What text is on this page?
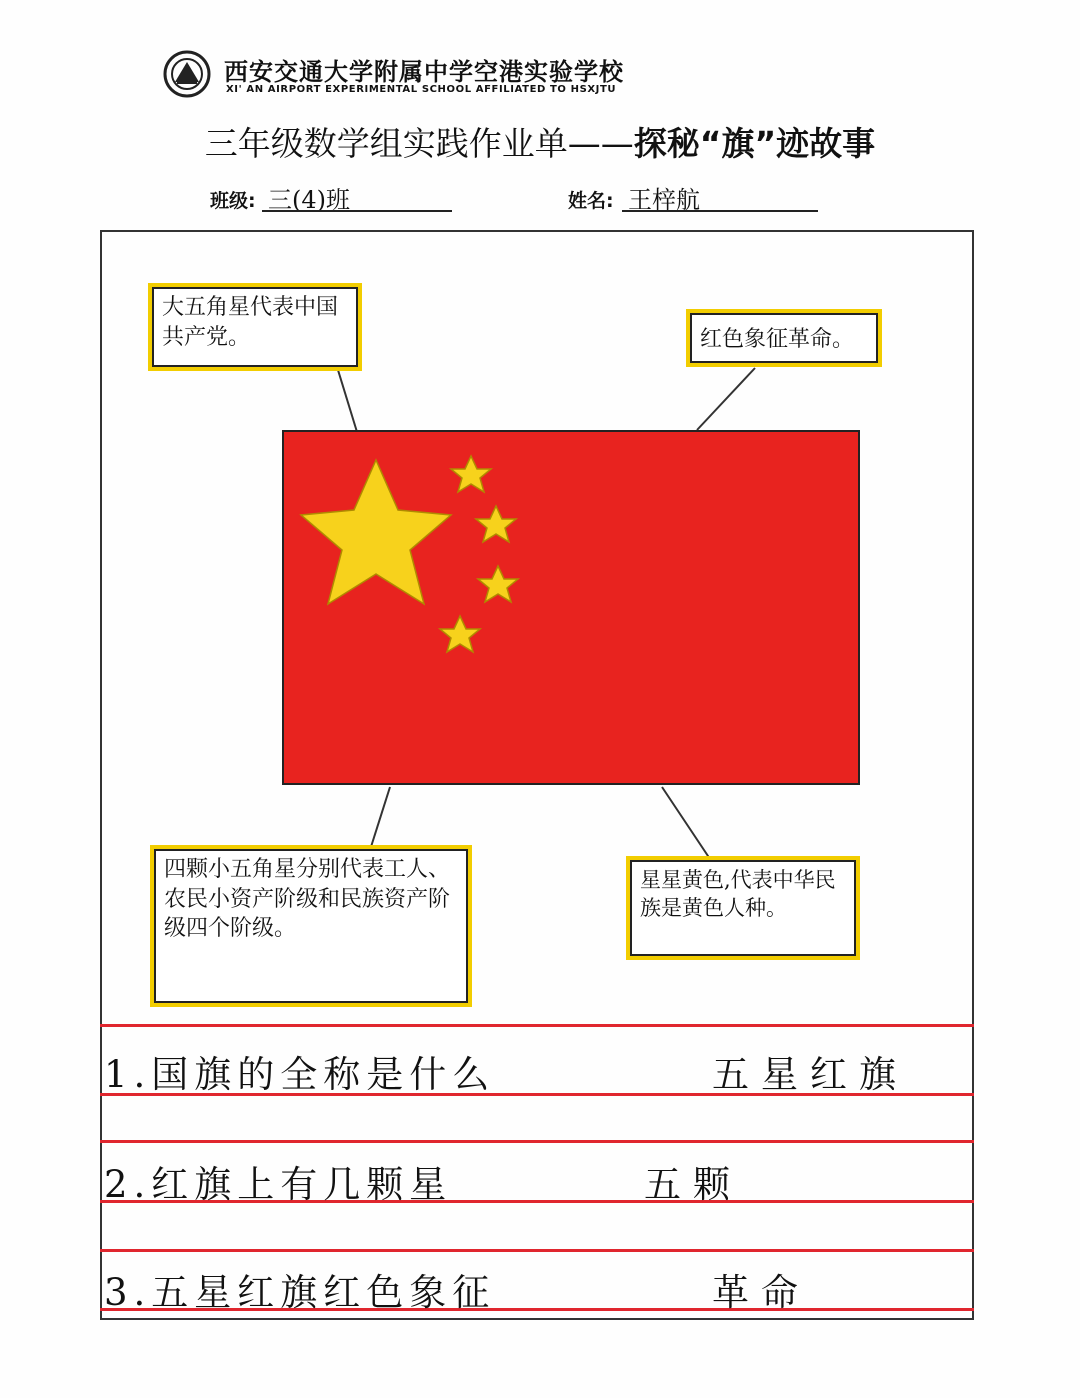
西安交通大学附属中学空港实验学校
XI' AN AIRPORT EXPERIMENTAL SCHOOL AFFILIATED TO HSXJTU
三年级数学组实践作业单——探秘“旗”迹故事
班级: 三(4)班	姓名: 王梓航
大五角星代表中国共产党。	红色象征革命。
四颗小五角星分别代表工人、农民小资产阶级和民族资产阶级四个阶级。
星星黄色,代表中华民族是黄色人种。
1.国旗的全称是什么	五星红旗
2.红旗上有几颗星	五颗
3.五星红旗红色象征	革命
